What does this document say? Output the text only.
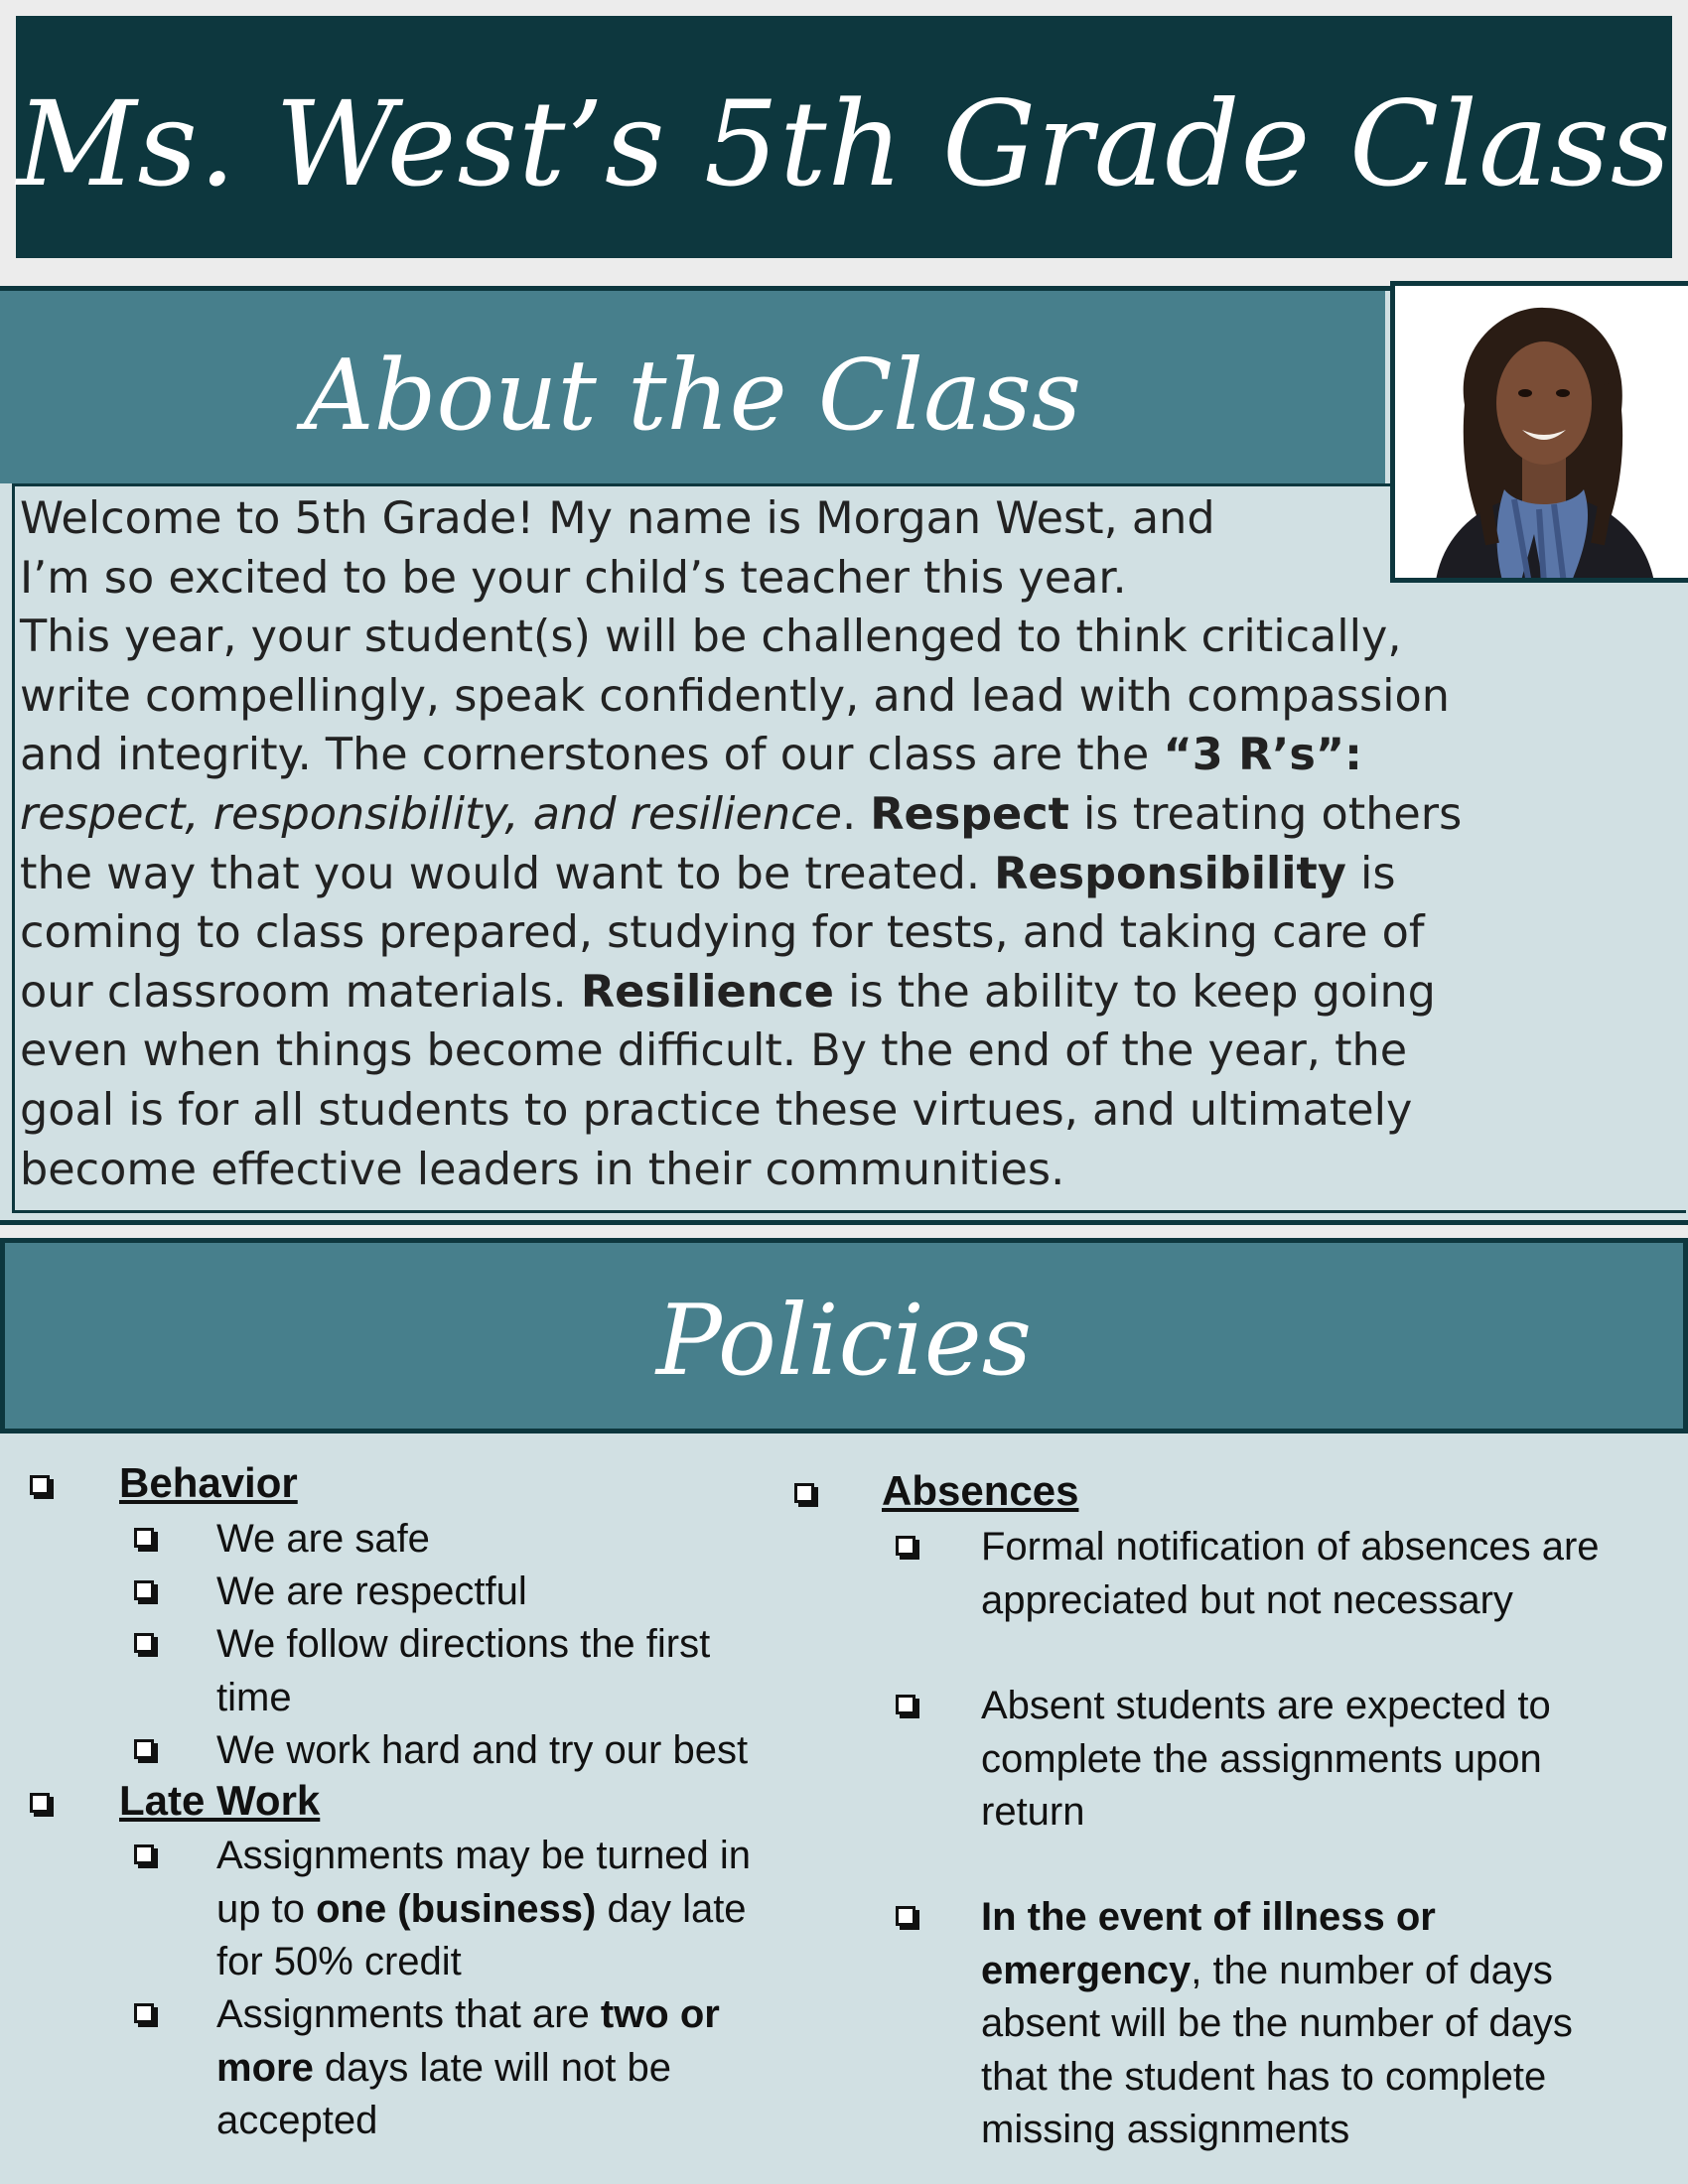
Ms. West’s 5th Grade Class
About the Class

Welcome to 5th Grade! My name is Morgan West, and
I’m so excited to be your child’s teacher this year.
This year, your student(s) will be challenged to think critically,
write compellingly, speak confidently, and lead with compassion
and integrity. The cornerstones of our class are the “3 R’s”:
respect, responsibility, and resilience. Respect is treating others
the way that you would want to be treated. Responsibility is
coming to class prepared, studying for tests, and taking care of
our classroom materials. Resilience is the ability to keep going
even when things become difficult. By the end of the year, the
goal is for all students to practice these virtues, and ultimately
become effective leaders in their communities.

Policies
Behavior
We are safe
We are respectful
We follow directions the first
time
We work hard and try our best
Late Work
Assignments may be turned in
up to one (business) day late
for 50% credit
Assignments that are two or
more days late will not be
accepted
Absences
Formal notification of absences are
appreciated but not necessary
Absent students are expected to
complete the assignments upon
return
In the event of illness or
emergency, the number of days
absent will be the number of days
that the student has to complete
missing assignments
